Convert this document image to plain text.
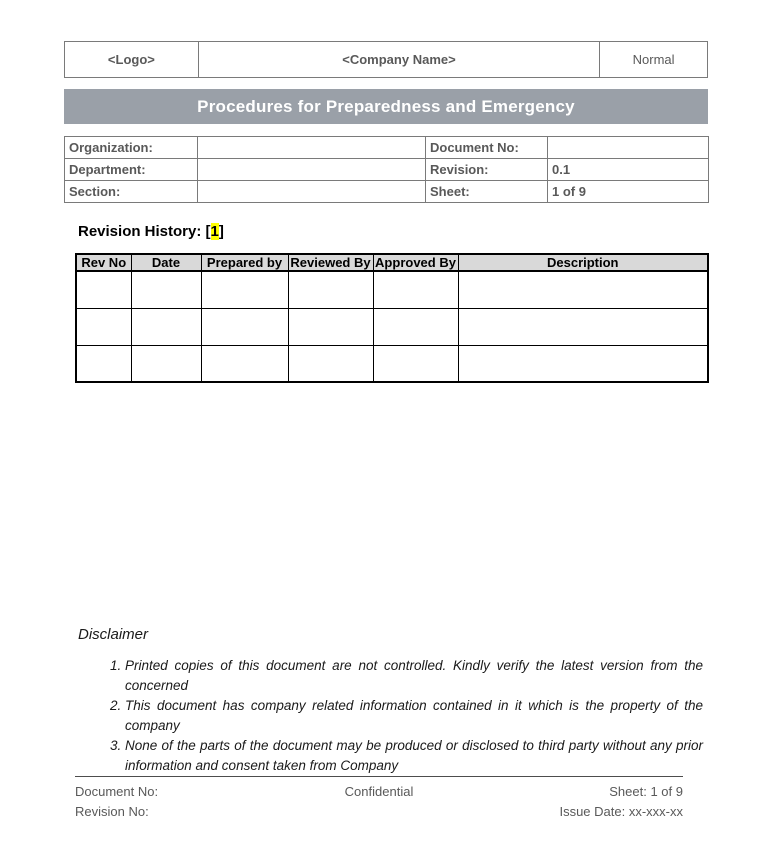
<Logo>	<Company Name>	Normal
Procedures for Preparedness and Emergency
Organization:		Document No:	
Department:		Revision:	0.1
Section:		Sheet:	1 of 9
Revision History: [1]
Rev No	Date	Prepared by	Reviewed By	Approved By	Description

Disclaimer
1. Printed copies of this document are not controlled. Kindly verify the latest version from the concerned
2. This document has company related information contained in it which is the property of the company
3. None of the parts of the document may be produced or disclosed to third party without any prior information and consent taken from Company
Document No:
Revision No:
Confidential	Sheet: 1 of 9
Issue Date: xx-xxx-xx
